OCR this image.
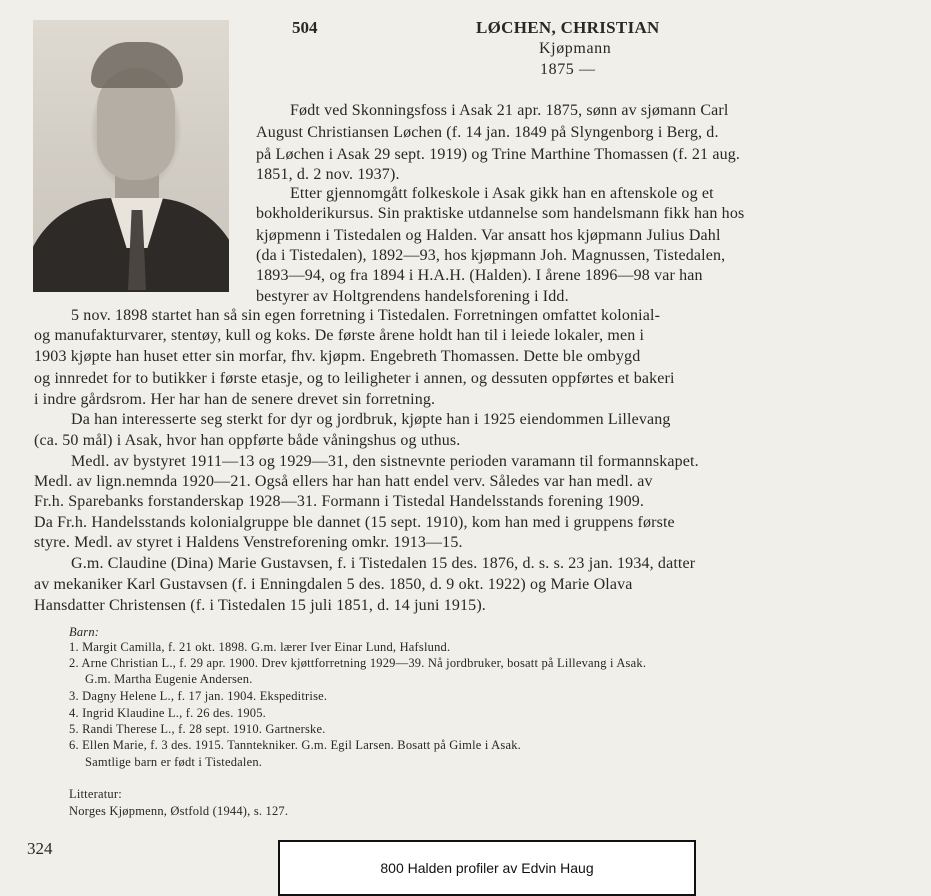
504	LØCHEN, CHRISTIAN
Kjøpmann
1875 —
Født ved Skonningsfoss i Asak 21 apr. 1875, sønn av sjømann Carl
August Christiansen Løchen (f. 14 jan. 1849 på Slyngenborg i Berg, d.
på Løchen i Asak 29 sept. 1919) og Trine Marthine Thomassen (f. 21 aug.
1851, d. 2 nov. 1937).
Etter gjennomgått folkeskole i Asak gikk han en aftenskole og et
bokholderikursus. Sin praktiske utdannelse som handelsmann fikk han hos
kjøpmenn i Tistedalen og Halden. Var ansatt hos kjøpmann Julius Dahl
(da i Tistedalen), 1892—93, hos kjøpmann Joh. Magnussen, Tistedalen,
1893—94, og fra 1894 i H.A.H. (Halden). I årene 1896—98 var han
bestyrer av Holtgrendens handelsforening i Idd.
5 nov. 1898 startet han så sin egen forretning i Tistedalen. Forretningen omfattet kolonial-
og manufakturvarer, stentøy, kull og koks. De første årene holdt han til i leiede lokaler, men i
1903 kjøpte han huset etter sin morfar, fhv. kjøpm. Engebreth Thomassen. Dette ble ombygd
og innredet for to butikker i første etasje, og to leiligheter i annen, og dessuten oppførtes et bakeri
i indre gårdsrom. Her har han de senere drevet sin forretning.
Da han interesserte seg sterkt for dyr og jordbruk, kjøpte han i 1925 eiendommen Lillevang
(ca. 50 mål) i Asak, hvor han oppførte både våningshus og uthus.
Medl. av bystyret 1911—13 og 1929—31, den sistnevnte perioden varamann til formannskapet.
Medl. av lign.nemnda 1920—21. Også ellers har han hatt endel verv. Således var han medl. av
Fr.h. Sparebanks forstanderskap 1928—31. Formann i Tistedal Handelsstands forening 1909.
Da Fr.h. Handelsstands kolonialgruppe ble dannet (15 sept. 1910), kom han med i gruppens første
styre. Medl. av styret i Haldens Venstreforening omkr. 1913—15.
G.m. Claudine (Dina) Marie Gustavsen, f. i Tistedalen 15 des. 1876, d. s. s. 23 jan. 1934, datter
av mekaniker Karl Gustavsen (f. i Enningdalen 5 des. 1850, d. 9 okt. 1922) og Marie Olava
Hansdatter Christensen (f. i Tistedalen 15 juli 1851, d. 14 juni 1915).
Barn:
1. Margit Camilla, f. 21 okt. 1898. G.m. lærer Iver Einar Lund, Hafslund.
2. Arne Christian L., f. 29 apr. 1900. Drev kjøttforretning 1929—39. Nå jordbruker, bosatt på Lillevang i Asak.
G.m. Martha Eugenie Andersen.
3. Dagny Helene L., f. 17 jan. 1904. Ekspeditrise.
4. Ingrid Klaudine L., f. 26 des. 1905.
5. Randi Therese L., f. 28 sept. 1910. Gartnerske.
6. Ellen Marie, f. 3 des. 1915. Tanntekniker. G.m. Egil Larsen. Bosatt på Gimle i Asak.
Samtlige barn er født i Tistedalen.
Litteratur:
Norges Kjøpmenn, Østfold (1944), s. 127.
324
800 Halden profiler av Edvin Haug
